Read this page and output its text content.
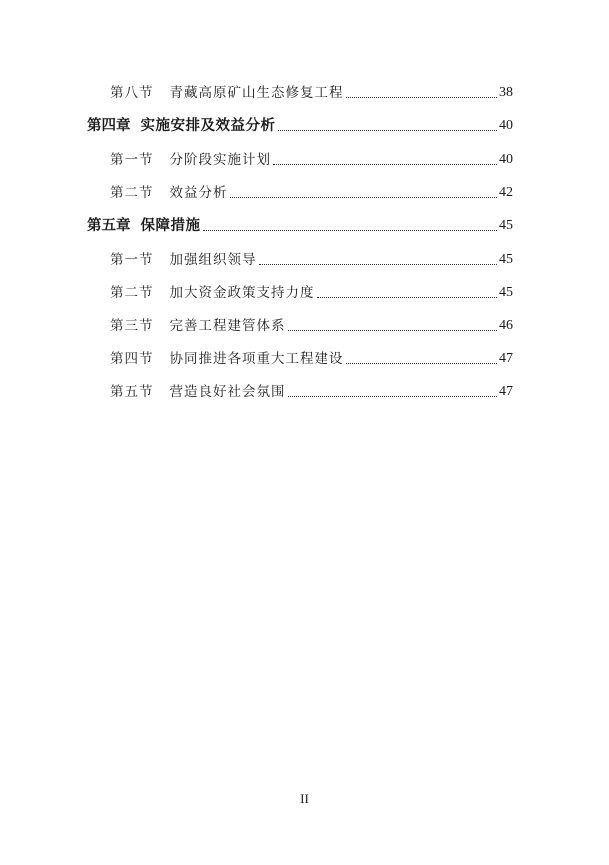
第八节 青藏高原矿山生态修复工程	38
第四章 实施安排及效益分析	40
第一节 分阶段实施计划	40
第二节 效益分析	42
第五章 保障措施	45
第一节 加强组织领导	45
第二节 加大资金政策支持力度	45
第三节 完善工程建管体系	46
第四节 协同推进各项重大工程建设	47
第五节 营造良好社会氛围	47
II
